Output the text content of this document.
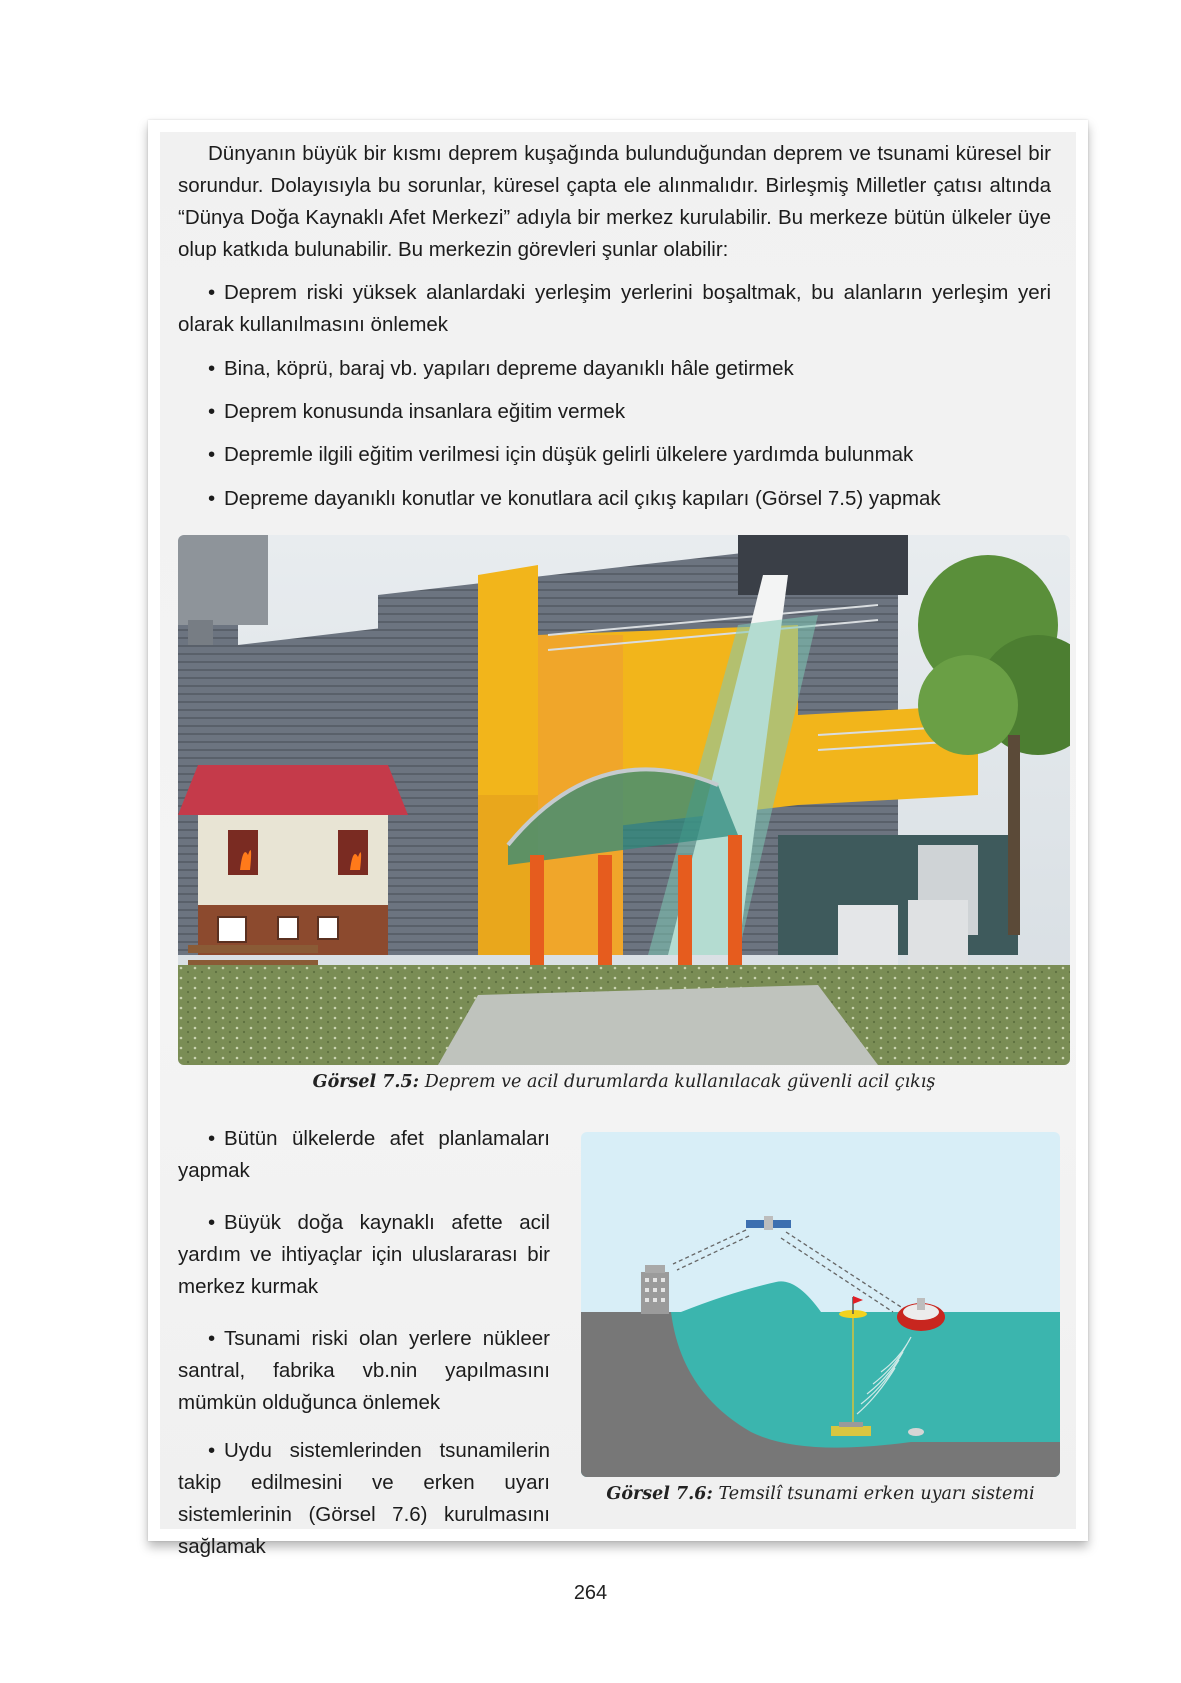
Dünyanın büyük bir kısmı deprem kuşağında bulunduğundan deprem ve tsunami küresel bir sorundur. Dolayısıyla bu sorunlar, küresel çapta ele alınmalıdır. Birleşmiş Milletler çatısı altında “Dünya Doğa Kaynaklı Afet Merkezi” adıyla bir merkez kurulabilir. Bu merkeze bütün ülkeler üye olup katkıda bulunabilir. Bu merkezin görevleri şunlar olabilir:

• Deprem riski yüksek alanlardaki yerleşim yerlerini boşaltmak, bu alanların yerleşim yeri olarak kullanılmasını önlemek

• Bina, köprü, baraj vb. yapıları depreme dayanıklı hâle getirmek

• Deprem konusunda insanlara eğitim vermek

• Depremle ilgili eğitim verilmesi için düşük gelirli ülkelere yardımda bulunmak

• Depreme dayanıklı konutlar ve konutlara acil çıkış kapıları (Görsel 7.5) yapmak

Görsel 7.5: Deprem ve acil durumlarda kullanılacak güvenli acil çıkış

• Bütün ülkelerde afet planlamaları yapmak

• Büyük doğa kaynaklı afette acil yardım ve ihtiyaçlar için uluslararası bir merkez kurmak

• Tsunami riski olan yerlere nükleer santral, fabrika vb.nin yapılmasını mümkün olduğunca önlemek

• Uydu sistemlerinden tsunamilerin takip edilmesini ve erken uyarı sistemlerinin (Görsel 7.6) kurulmasını sağlamak

Görsel 7.6: Temsilî tsunami erken uyarı sistemi
264
